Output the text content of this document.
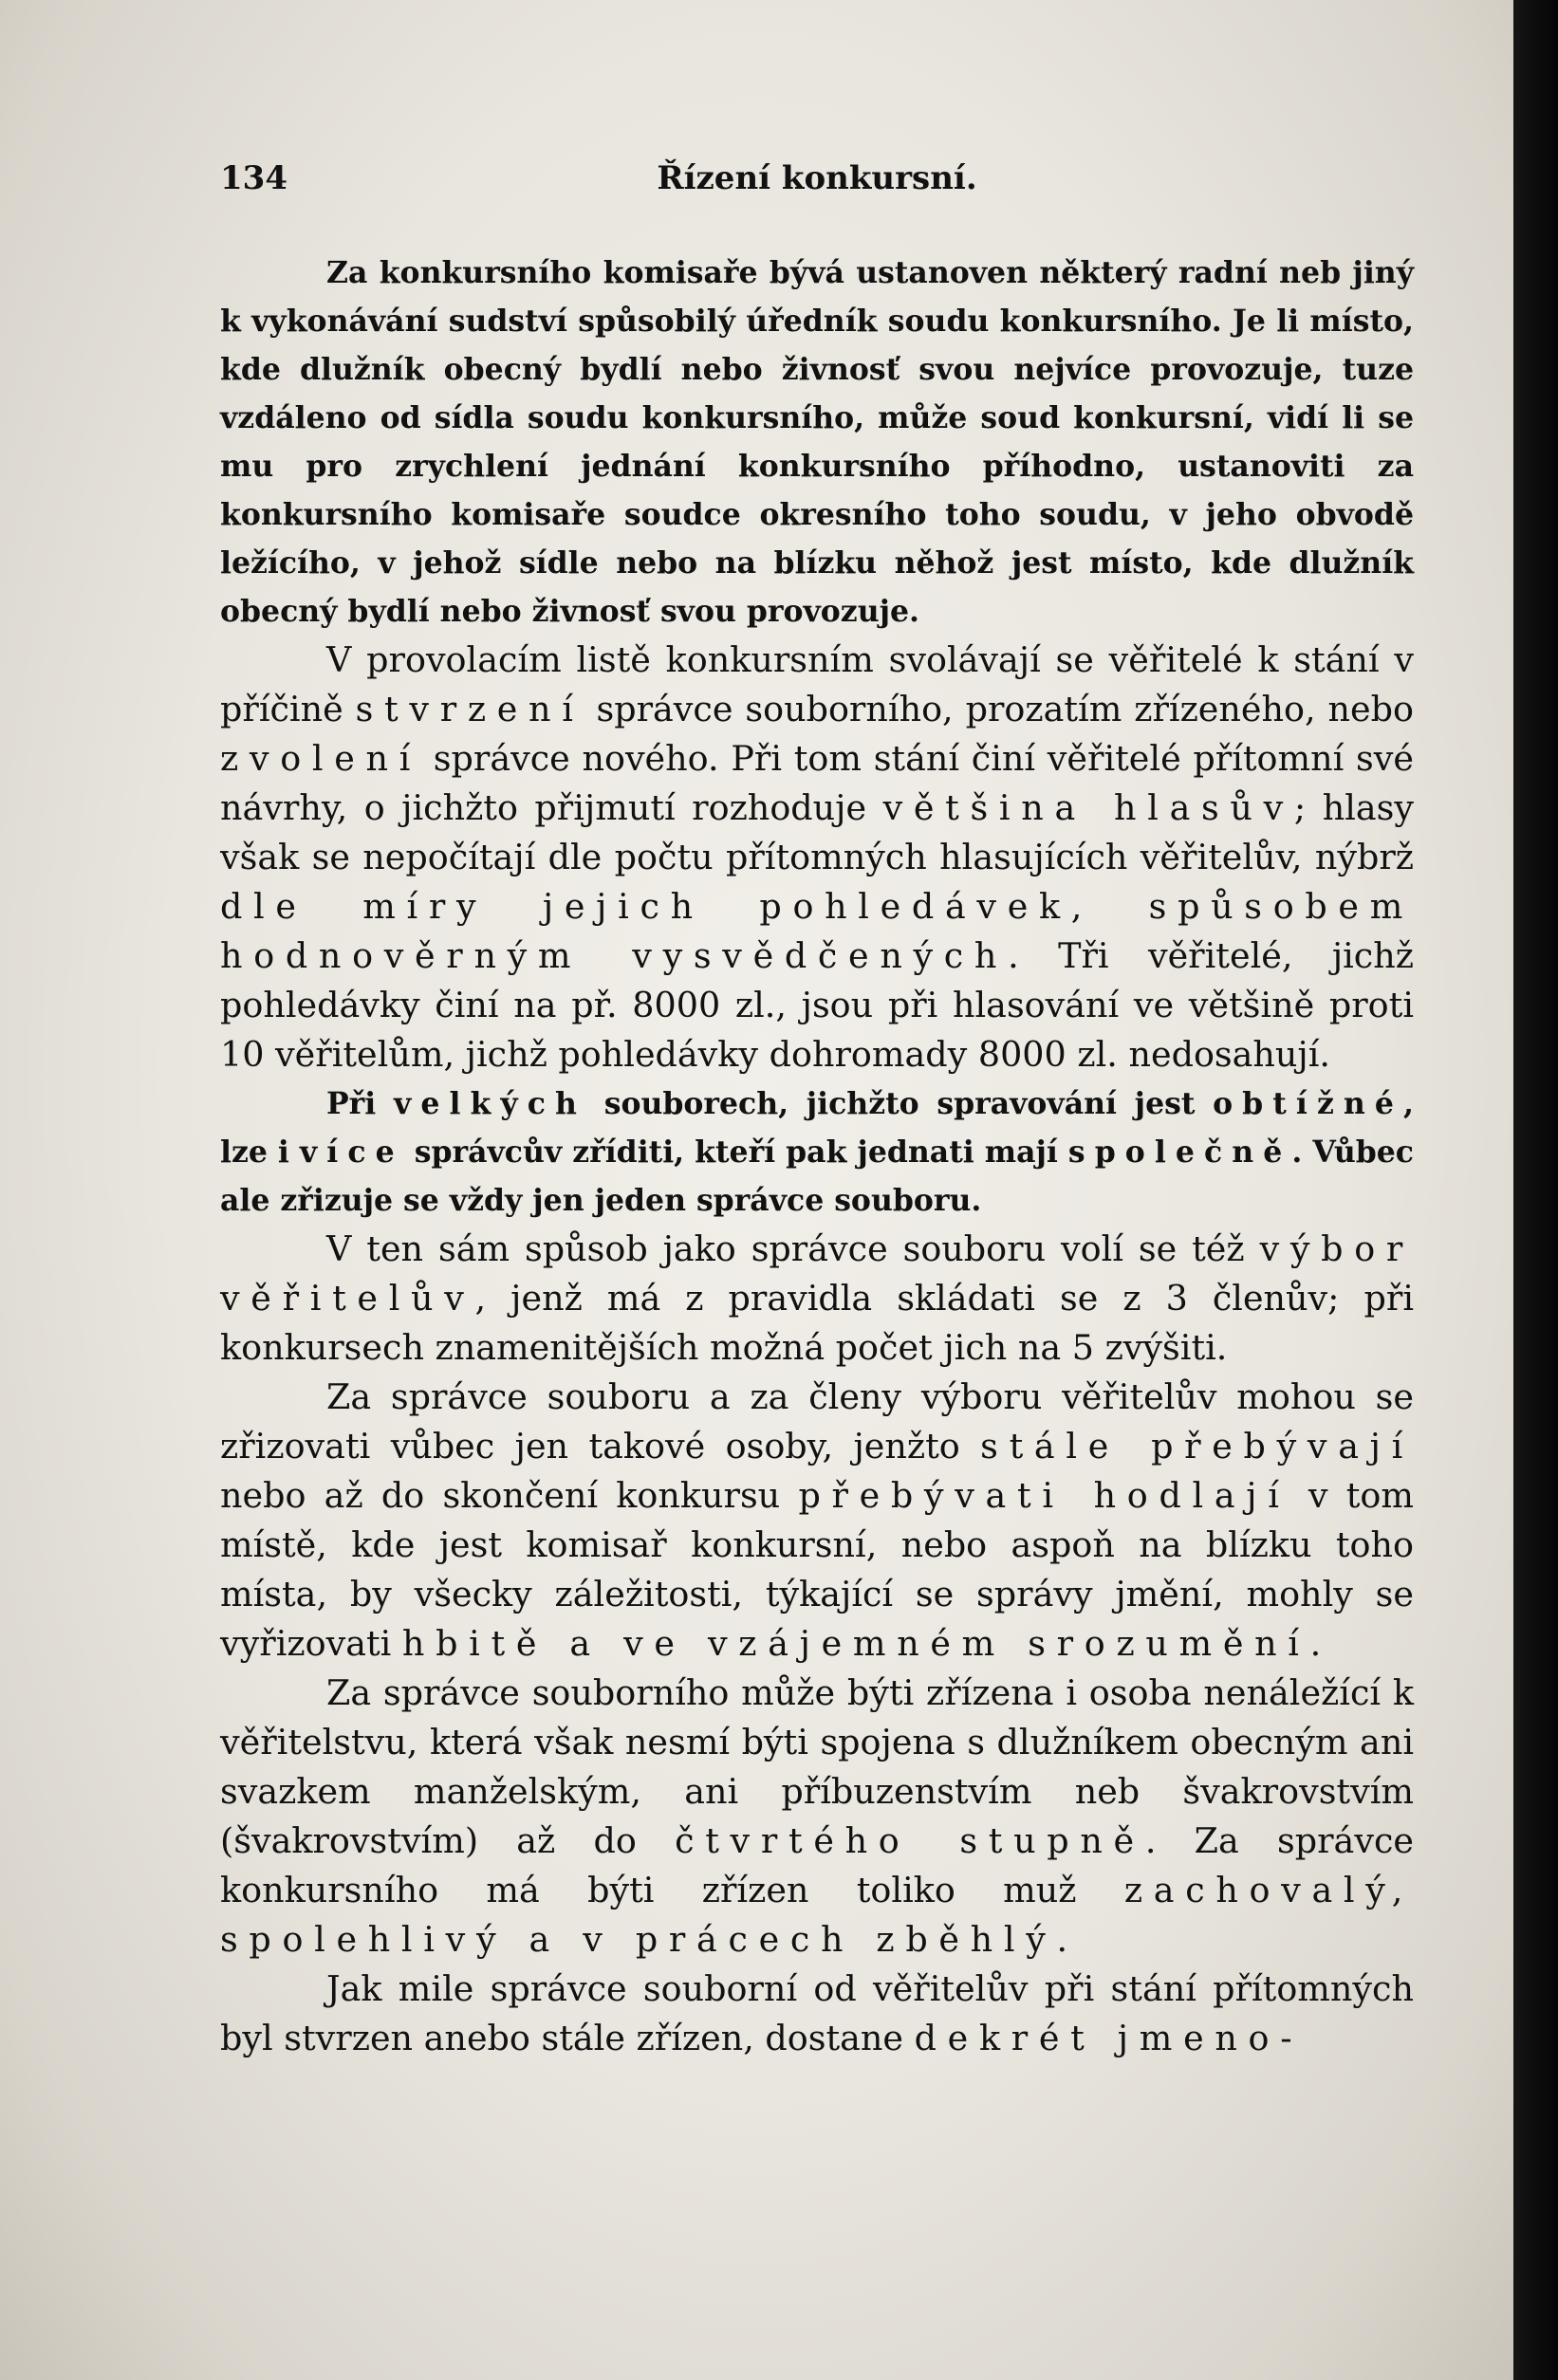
134	Řízení konkursní.

Za konkursního komisaře bývá ustanoven některý radní neb jiný k vykonávání sudství spůsobilý úředník soudu konkursního. Je li místo, kde dlužník obecný bydlí nebo živnosť svou nejvíce provozuje, tuze vzdáleno od sídla soudu konkursního, může soud konkursní, vidí li se mu pro zrychlení jednání konkursního příhodno, ustanoviti za konkursního komisaře soudce okresního toho soudu, v jeho obvodě ležícího, v jehož sídle nebo na blízku něhož jest místo, kde dlužník obecný bydlí nebo živnosť svou provozuje.

V provolacím listě konkursním svolávají se věřitelé k stání v příčině stvrzení správce souborního, prozatím zřízeného, nebo zvolení správce nového. Při tom stání činí věřitelé přítomní své návrhy, o jichžto přijmutí rozhoduje většina hlasův; hlasy však se nepočítají dle počtu přítomných hlasujících věřitelův, nýbrž dle míry jejich pohledávek, spůsobem hodnověrným vysvědčených. Tři věřitelé, jichž pohledávky činí na př. 8000 zl., jsou při hlasování ve většině proti 10 věřitelům, jichž pohledávky dohromady 8000 zl. nedosahují.

Při velkých souborech, jichžto spravování jest obtížné, lze i více správcův zříditi, kteří pak jednati mají společně. Vůbec ale zřizuje se vždy jen jeden správce souboru.

V ten sám spůsob jako správce souboru volí se též výbor věřitelův, jenž má z pravidla skládati se z 3 členův; při konkursech znamenitějších možná počet jich na 5 zvýšiti.

Za správce souboru a za členy výboru věřitelův mohou se zřizovati vůbec jen takové osoby, jenžto stále přebývají nebo až do skončení konkursu přebývati hodlají v tom místě, kde jest komisař konkursní, nebo aspoň na blízku toho místa, by všecky záležitosti, týkající se správy jmění, mohly se vyřizovati hbitě a ve vzájemném srozumění.

Za správce souborního může býti zřízena i osoba nenáležící k věřitelstvu, která však nesmí býti spojena s dlužníkem obecným ani svazkem manželským, ani příbuzenstvím neb švakrovstvím (švakrovstvím) až do čtvrtého stupně. Za správce konkursního má býti zřízen toliko muž zachovalý, spolehlivý a v prácech zběhlý.

Jak mile správce souborní od věřitelův při stání přítomných byl stvrzen anebo stále zřízen, dostane dekrét jmeno-
